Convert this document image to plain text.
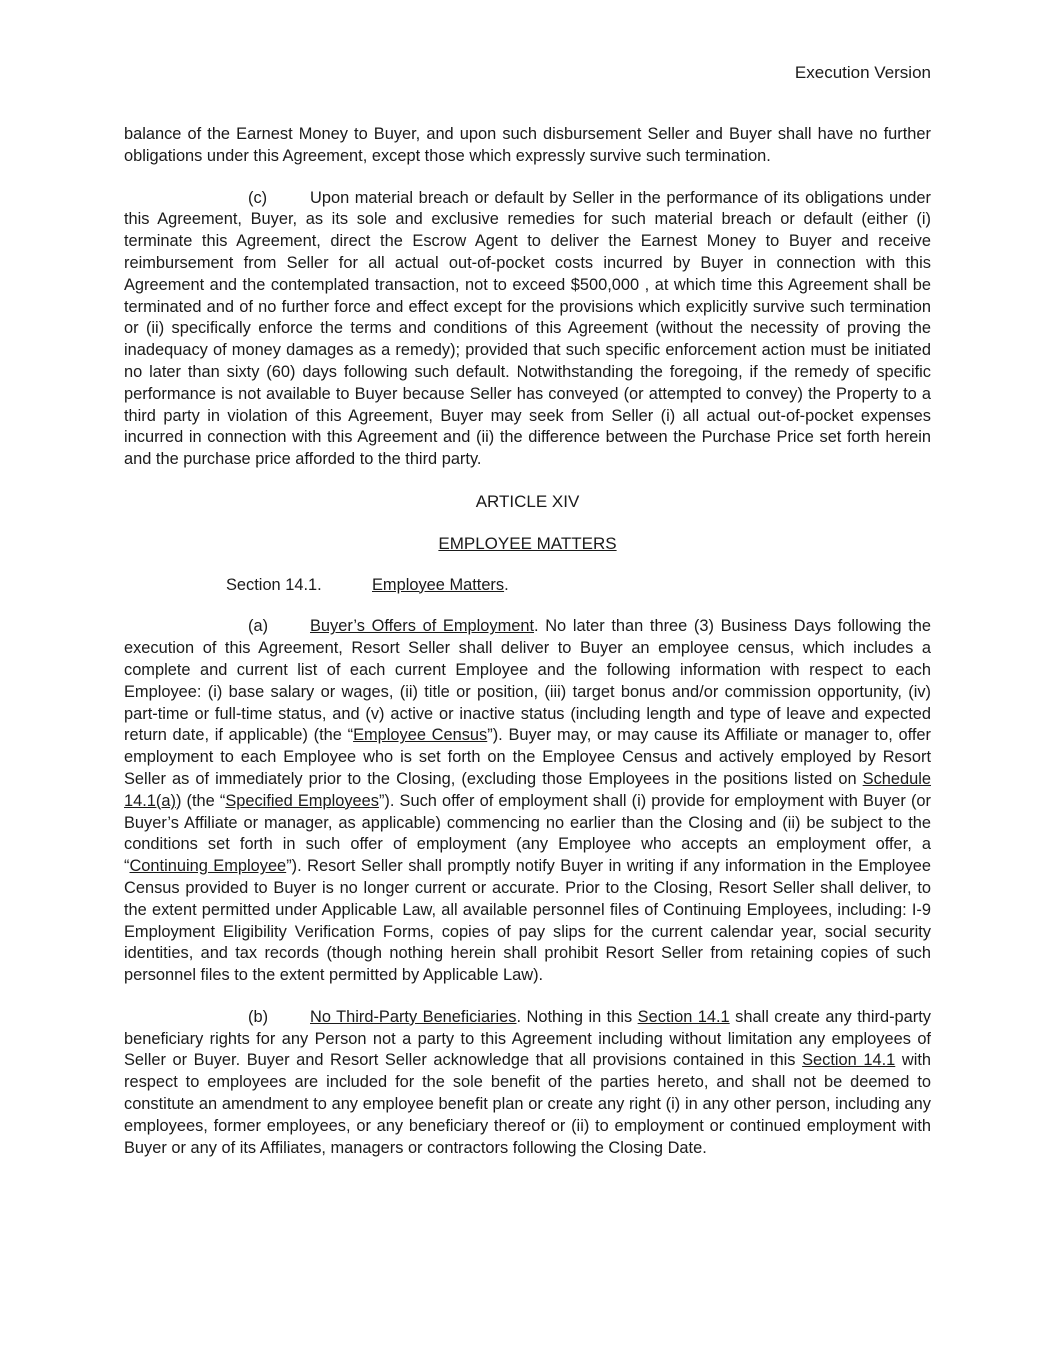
Execution Version

balance of the Earnest Money to Buyer, and upon such disbursement Seller and Buyer shall have no further obligations under this Agreement, except those which expressly survive such termination.

(c)	Upon material breach or default by Seller in the performance of its obligations under this Agreement, Buyer, as its sole and exclusive remedies for such material breach or default (either (i) terminate this Agreement, direct the Escrow Agent to deliver the Earnest Money to Buyer and receive reimbursement from Seller for all actual out-of-pocket costs incurred by Buyer in connection with this Agreement and the contemplated transaction, not to exceed $500,000 , at which time this Agreement shall be terminated and of no further force and effect except for the provisions which explicitly survive such termination or (ii) specifically enforce the terms and conditions of this Agreement (without the necessity of proving the inadequacy of money damages as a remedy); provided that such specific enforcement action must be initiated no later than sixty (60) days following such default. Notwithstanding the foregoing, if the remedy of specific performance is not available to Buyer because Seller has conveyed (or attempted to convey) the Property to a third party in violation of this Agreement, Buyer may seek from Seller (i) all actual out-of-pocket expenses incurred in connection with this Agreement and (ii) the difference between the Purchase Price set forth herein and the purchase price afforded to the third party.

ARTICLE XIV
EMPLOYEE MATTERS
Section 14.1.	Employee Matters.

(a)	Buyer’s Offers of Employment. No later than three (3) Business Days following the execution of this Agreement, Resort Seller shall deliver to Buyer an employee census, which includes a complete and current list of each current Employee and the following information with respect to each Employee: (i) base salary or wages, (ii) title or position, (iii) target bonus and/or commission opportunity, (iv) part-time or full-time status, and (v) active or inactive status (including length and type of leave and expected return date, if applicable) (the “Employee Census”). Buyer may, or may cause its Affiliate or manager to, offer employment to each Employee who is set forth on the Employee Census and actively employed by Resort Seller as of immediately prior to the Closing, (excluding those Employees in the positions listed on Schedule 14.1(a)) (the “Specified Employees”). Such offer of employment shall (i) provide for employment with Buyer (or Buyer’s Affiliate or manager, as applicable) commencing no earlier than the Closing and (ii) be subject to the conditions set forth in such offer of employment (any Employee who accepts an employment offer, a “Continuing Employee”). Resort Seller shall promptly notify Buyer in writing if any information in the Employee Census provided to Buyer is no longer current or accurate. Prior to the Closing, Resort Seller shall deliver, to the extent permitted under Applicable Law, all available personnel files of Continuing Employees, including: I-9 Employment Eligibility Verification Forms, copies of pay slips for the current calendar year, social security identities, and tax records (though nothing herein shall prohibit Resort Seller from retaining copies of such personnel files to the extent permitted by Applicable Law).

(b)	No Third-Party Beneficiaries. Nothing in this Section 14.1 shall create any third-party beneficiary rights for any Person not a party to this Agreement including without limitation any employees of Seller or Buyer. Buyer and Resort Seller acknowledge that all provisions contained in this Section 14.1 with respect to employees are included for the sole benefit of the parties hereto, and shall not be deemed to constitute an amendment to any employee benefit plan or create any right (i) in any other person, including any employees, former employees, or any beneficiary thereof or (ii) to employment or continued employment with Buyer or any of its Affiliates, managers or contractors following the Closing Date.
